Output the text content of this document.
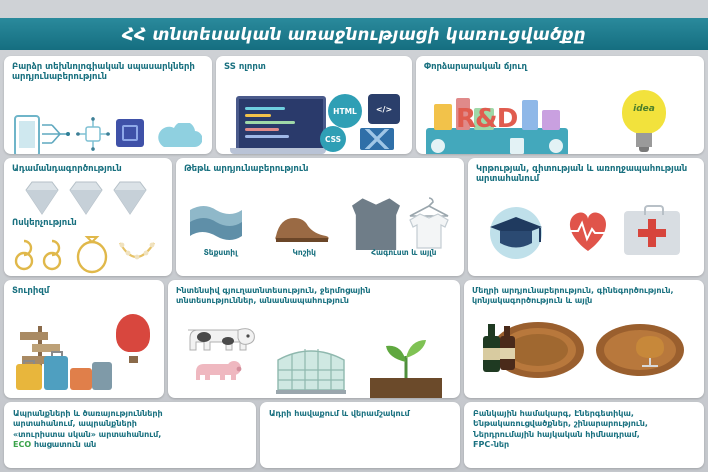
ՀՀ տնտեսական առաջնությացի կառուցվածքը
Բարձր տեխնոլոգիական սպասարկների արդյունաբերություն
SS ոլորտ
HTML
CSS
</>
Փորձարարական ճյուղ
R&D	idea
Ադամանդագործություն
Ոսկերչություն
Թեթև արդյունաբերություն
Տեքստիլ	Կոշիկ	Հագուստ և այլն
Կրթության, գիտության և առողջապահության արտահանում
Տուրիզմ	Ինտենսիվ գյուղատնտեսություն, ջերմոցային տնտեսություններ, անասնապահություն
Մեղրի արդյունաբերություն, գինեգործություն, կոնյակագործություն և այլն
Ապրանքների և ծառայությունների
արտահանում, ապրանքների
«տուրիստա սկան» արտահանում,
ECO հացատուն ան
Ադրի հավաքում և վերամշակում	Բանկային համակարգ, Էներգետիկա,
Ենթակառուցվածքներ, շինարարություն,
Ներդրումային հայկական հիմնադրամ,
FPC-ներ
